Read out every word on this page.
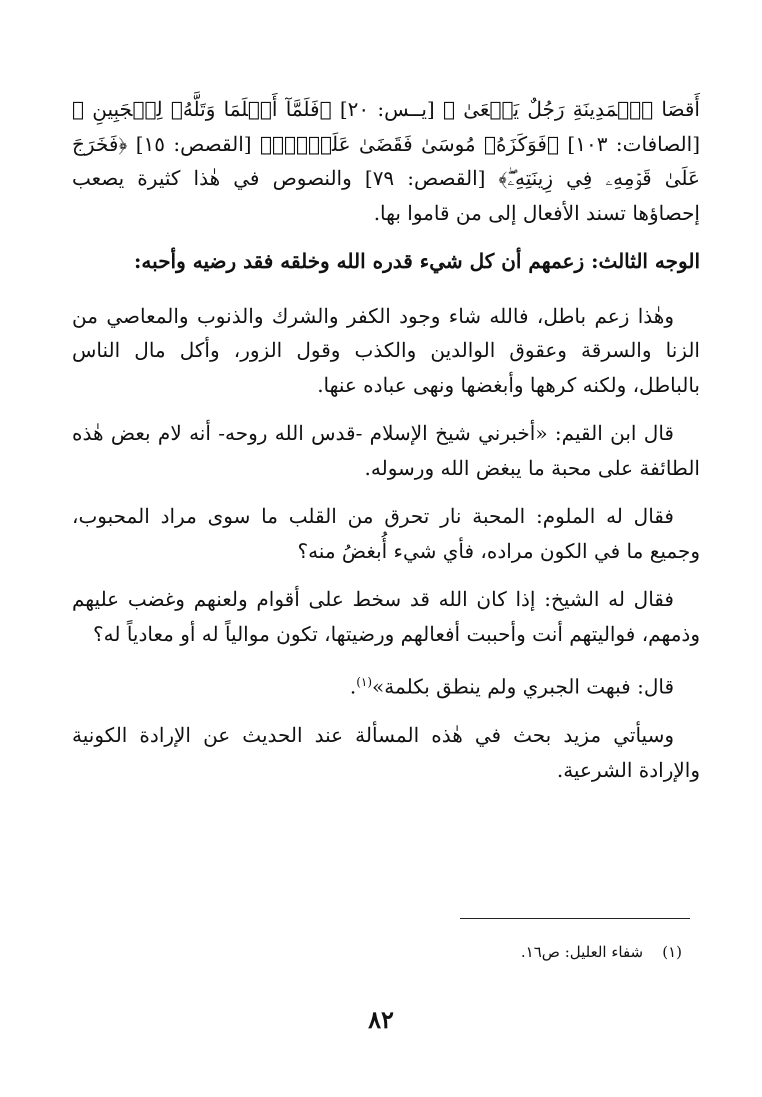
أَقصَا ٱلۡمَدِينَةِ رَجُلٌ يَسۡعَىٰ ﴾ [يــس: ٢٠] ﴿فَلَمَّآ أَسۡلَمَا وَتَلَّهُۥ لِلۡجَبِينِ ﴾ [الصافات: ١٠٣] ﴿فَوَكَزَهُۥ مُوسَىٰ فَقَضَىٰ عَلَيۡهِۖ﴾ [القصص: ١٥] ﴿فَخَرَجَ عَلَىٰ قَوۡمِهِۦ فِي زِينَتِهِۦۖ﴾ [القصص: ٧٩] والنصوص في هٰذا كثيرة يصعب إحصاؤها تسند الأفعال إلى من قاموا بها.

الوجه الثالث: زعمهم أن كل شيء قدره الله وخلقه فقد رضيه وأحبه:

وهٰذا زعم باطل، فالله شاء وجود الكفر والشرك والذنوب والمعاصي من الزنا والسرقة وعقوق الوالدين والكذب وقول الزور، وأكل مال الناس بالباطل، ولكنه كرهها وأبغضها ونهى عباده عنها.

قال ابن القيم: «أخبرني شيخ الإسلام -قدس الله روحه- أنه لام بعض هٰذه الطائفة على محبة ما يبغض الله ورسوله.

فقال له الملوم: المحبة نار تحرق من القلب ما سوى مراد المحبوب، وجميع ما في الكون مراده، فأي شيء أُبغضُ منه؟

فقال له الشيخ: إذا كان الله قد سخط على أقوام ولعنهم وغضب عليهم وذمهم، فواليتهم أنت وأحببت أفعالهم ورضيتها، تكون موالياً له أو معادياً له؟

قال: فبهت الجبري ولم ينطق بكلمة»$^{(١)}$.

وسيأتي مزيد بحث في هٰذه المسألة عند الحديث عن الإرادة الكونية والإرادة الشرعية.

(١)    شفاء العليل: ص١٦.
٨٢
